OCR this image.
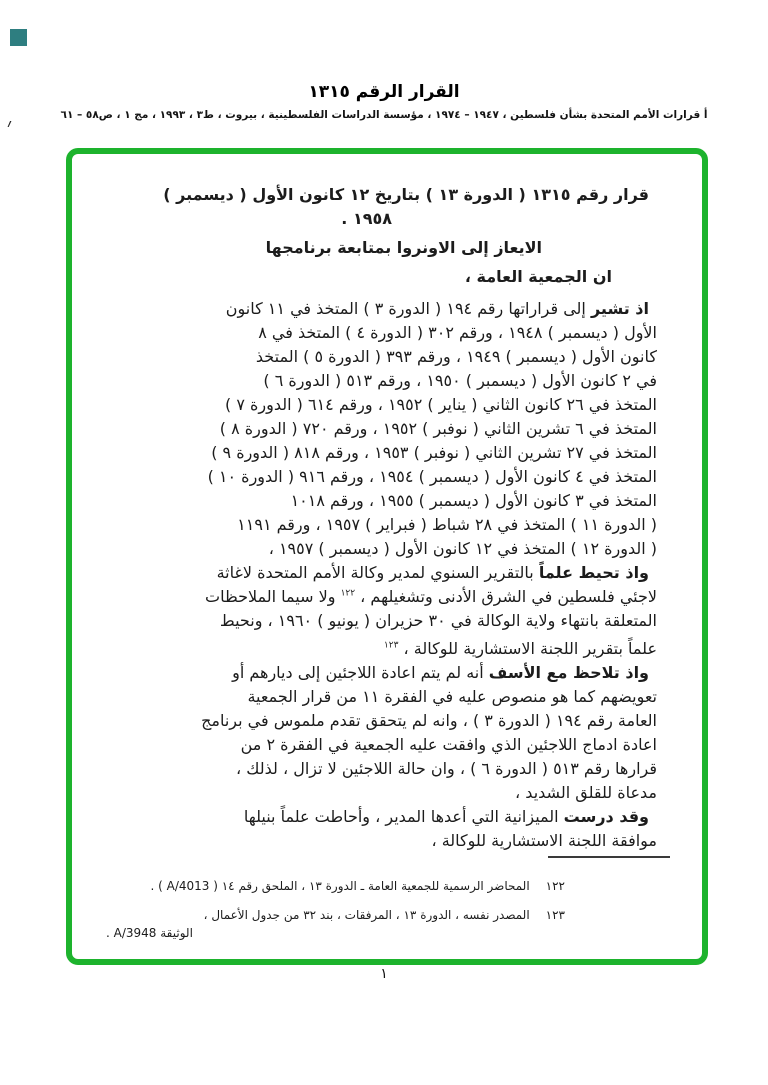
؍
القرار الرقم ١٣١٥
أ قرارات الأمم المتحدة بشأن فلسطين ، ١٩٤٧ – ١٩٧٤ ، مؤسسة الدراسات الفلسطينية ، بيروت ، ط٣ ، ١٩٩٣ ، مج ١ ، ص٥٨ – ٦١
قرار رقم ١٣١٥ ( الدورة ١٣ ) بتاريخ ١٢ كانون الأول ( ديسمبر )
١٩٥٨ .
الايعاز إلى الاونروا بمتابعة برنامجها
ان الجمعية العامة ،
اذ تشير إلى قراراتها رقم ١٩٤ ( الدورة ٣ ) المتخذ في ١١ كانون
الأول ( ديسمبر ) ١٩٤٨ ، ورقم ٣٠٢ ( الدورة ٤ ) المتخذ في ٨
كانون الأول ( ديسمبر ) ١٩٤٩ ، ورقم ٣٩٣ ( الدورة ٥ ) المتخذ
في ٢ كانون الأول ( ديسمبر ) ١٩٥٠ ، ورقم ٥١٣ ( الدورة ٦ )
المتخذ في ٢٦ كانون الثاني ( يناير ) ١٩٥٢ ، ورقم ٦١٤ ( الدورة ٧ )
المتخذ في ٦ تشرين الثاني ( نوفبر ) ١٩٥٢ ، ورقم ٧٢٠ ( الدورة ٨ )
المتخذ في ٢٧ تشرين الثاني ( نوفبر ) ١٩٥٣ ، ورقم ٨١٨ ( الدورة ٩ )
المتخذ في ٤ كانون الأول ( ديسمبر ) ١٩٥٤ ، ورقم ٩١٦ ( الدورة ١٠ )
المتخذ في ٣ كانون الأول ( ديسمبر ) ١٩٥٥ ، ورقم ١٠١٨
( الدورة ١١ ) المتخذ في ٢٨ شباط ( فبراير ) ١٩٥٧ ، ورقم ١١٩١
( الدورة ١٢ ) المتخذ في ١٢ كانون الأول ( ديسمبر ) ١٩٥٧ ،
واذ تحيط علماً بالتقرير السنوي لمدير وكالة الأمم المتحدة لاغاثة
لاجئي فلسطين في الشرق الأدنى وتشغيلهم ، $^{١٢٢}$ ولا سيما الملاحظات
المتعلقة بانتهاء ولاية الوكالة في ٣٠ حزيران ( يونيو ) ١٩٦٠ ، ونحيط
علماً بتقرير اللجنة الاستشارية للوكالة ، $^{١٢٣}$
واذ تلاحظ مع الأسف أنه لم يتم اعادة اللاجئين إلى ديارهم أو
تعويضهم كما هو منصوص عليه في الفقرة ١١ من قرار الجمعية
العامة رقم ١٩٤ ( الدورة ٣ ) ، وانه لم يتحقق تقدم ملموس في برنامج
اعادة ادماج اللاجئين الذي وافقت عليه الجمعية في الفقرة ٢ من
قرارها رقم ٥١٣ ( الدورة ٦ ) ، وان حالة اللاجئين لا تزال ، لذلك ،
مدعاة للقلق الشديد ،
وقد درست الميزانية التي أعدها المدير ، وأحاطت علماً بنيلها
موافقة اللجنة الاستشارية للوكالة ،
١٢٢المحاضر الرسمية للجمعية العامة ـ الدورة ١٣ ، الملحق رقم ١٤ ( A/4013 ) .
١٢٣المصدر نفسه ، الدورة ١٣ ، المرفقات ، بند ٣٢ من جدول الأعمال ،
الوثيقة A/3948 .
١
